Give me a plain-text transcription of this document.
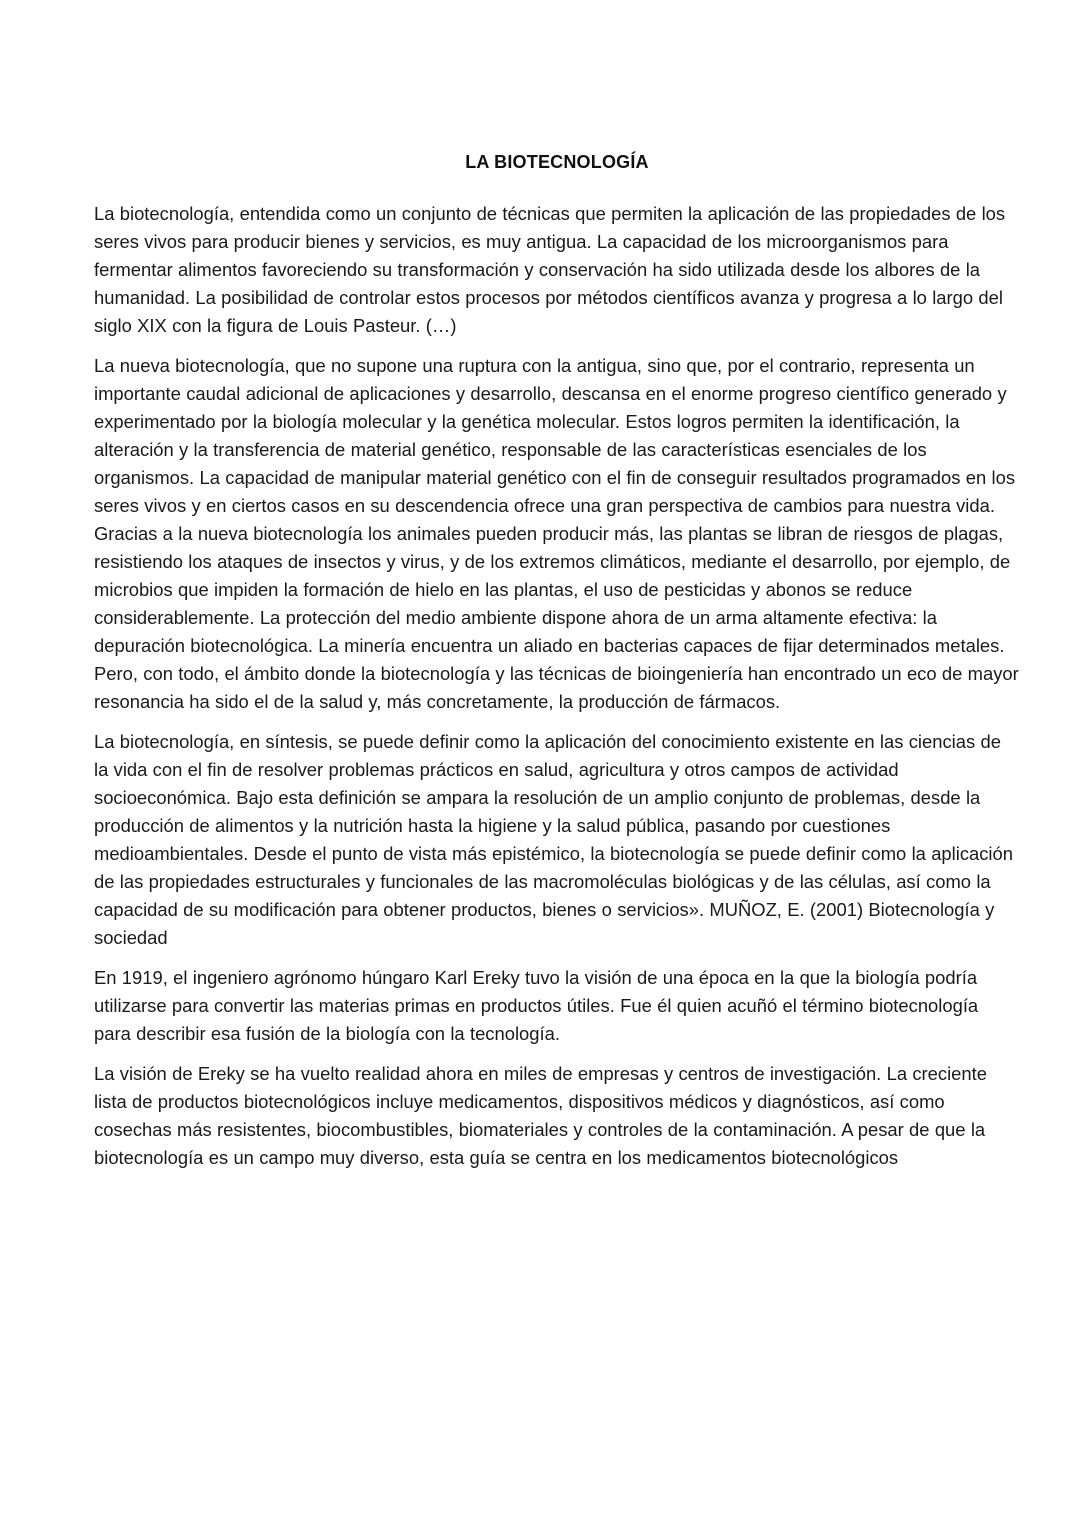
LA BIOTECNOLOGÍA

La biotecnología, entendida como un conjunto de técnicas que permiten la aplicación de las propiedades de los seres vivos para producir bienes y servicios, es muy antigua. La capacidad de los microorganismos para fermentar alimentos favoreciendo su transformación y conservación ha sido utilizada desde los albores de la humanidad. La posibilidad de controlar estos procesos por métodos científicos avanza y progresa a lo largo del siglo XIX con la figura de Louis Pasteur. (…)

La nueva biotecnología, que no supone una ruptura con la antigua, sino que, por el contrario, representa un importante caudal adicional de aplicaciones y desarrollo, descansa en el enorme progreso científico generado y experimentado por la biología molecular y la genética molecular. Estos logros permiten la identificación, la alteración y la transferencia de material genético, responsable de las características esenciales de los organismos. La capacidad de manipular material genético con el fin de conseguir resultados programados en los seres vivos y en ciertos casos en su descendencia ofrece una gran perspectiva de cambios para nuestra vida. Gracias a la nueva biotecnología los animales pueden producir más, las plantas se libran de riesgos de plagas, resistiendo los ataques de insectos y virus, y de los extremos climáticos, mediante el desarrollo, por ejemplo, de microbios que impiden la formación de hielo en las plantas, el uso de pesticidas y abonos se reduce considerablemente. La protección del medio ambiente dispone ahora de un arma altamente efectiva: la depuración biotecnológica. La minería encuentra un aliado en bacterias capaces de fijar determinados metales. Pero, con todo, el ámbito donde la biotecnología y las técnicas de bioingeniería han encontrado un eco de mayor resonancia ha sido el de la salud y, más concretamente, la producción de fármacos.

La biotecnología, en síntesis, se puede definir como la aplicación del conocimiento existente en las ciencias de la vida con el fin de resolver problemas prácticos en salud, agricultura y otros campos de actividad socioeconómica. Bajo esta definición se ampara la resolución de un amplio conjunto de problemas, desde la producción de alimentos y la nutrición hasta la higiene y la salud pública, pasando por cuestiones medioambientales. Desde el punto de vista más epistémico, la biotecnología se puede definir como la aplicación de las propiedades estructurales y funcionales de las macromoléculas biológicas y de las células, así como la capacidad de su modificación para obtener productos, bienes o servicios». MUÑOZ, E. (2001) Biotecnología y sociedad

En 1919, el ingeniero agrónomo húngaro Karl Ereky tuvo la visión de una época en la que la biología podría utilizarse para convertir las materias primas en productos útiles. Fue él quien acuñó el término biotecnología para describir esa fusión de la biología con la tecnología.

La visión de Ereky se ha vuelto realidad ahora en miles de empresas y centros de investigación. La creciente lista de productos biotecnológicos incluye medicamentos, dispositivos médicos y diagnósticos, así como cosechas más resistentes, biocombustibles, biomateriales y controles de la contaminación. A pesar de que la biotecnología es un campo muy diverso, esta guía se centra en los medicamentos biotecnológicos
